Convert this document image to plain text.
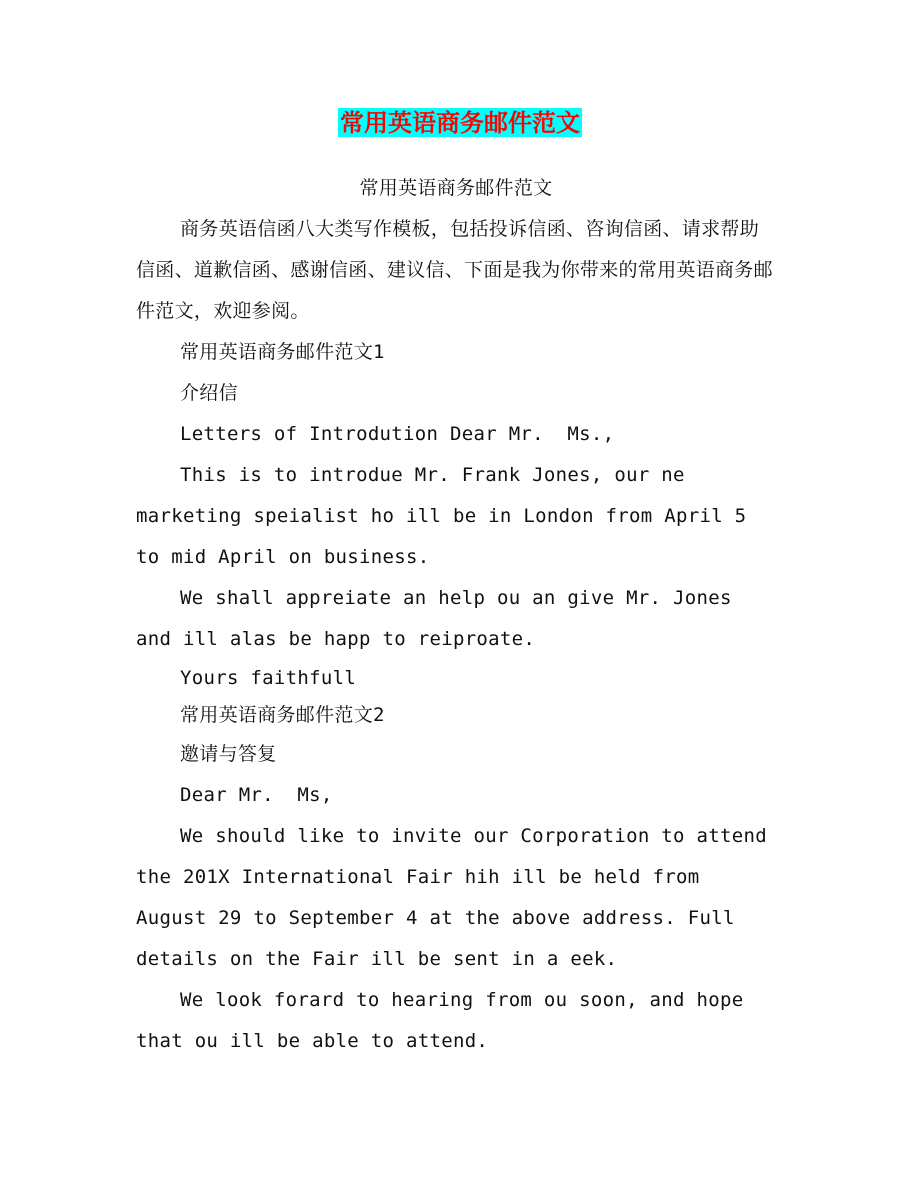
常用英语商务邮件范文

常用英语商务邮件范文

商务英语信函八大类写作模板，包括投诉信函、咨询信函、请求帮助信函、道歉信函、感谢信函、建议信、下面是我为你带来的常用英语商务邮件范文，欢迎参阅。

常用英语商务邮件范文1

介绍信

Letters of Introdution Dear Mr.  Ms.,

This is to introdue Mr. Frank Jones, our ne marketing speialist ho ill be in London from April 5 to mid April on business.

We shall appreiate an help ou an give Mr. Jones and ill alas be happ to reiproate.

Yours faithfull

常用英语商务邮件范文2

邀请与答复

Dear Mr.  Ms,

We should like to invite our Corporation to attend the 201X International Fair hih ill be held from August 29 to September 4 at the above address. Full details on the Fair ill be sent in a eek.

We look forard to hearing from ou soon, and hope that ou ill be able to attend.
